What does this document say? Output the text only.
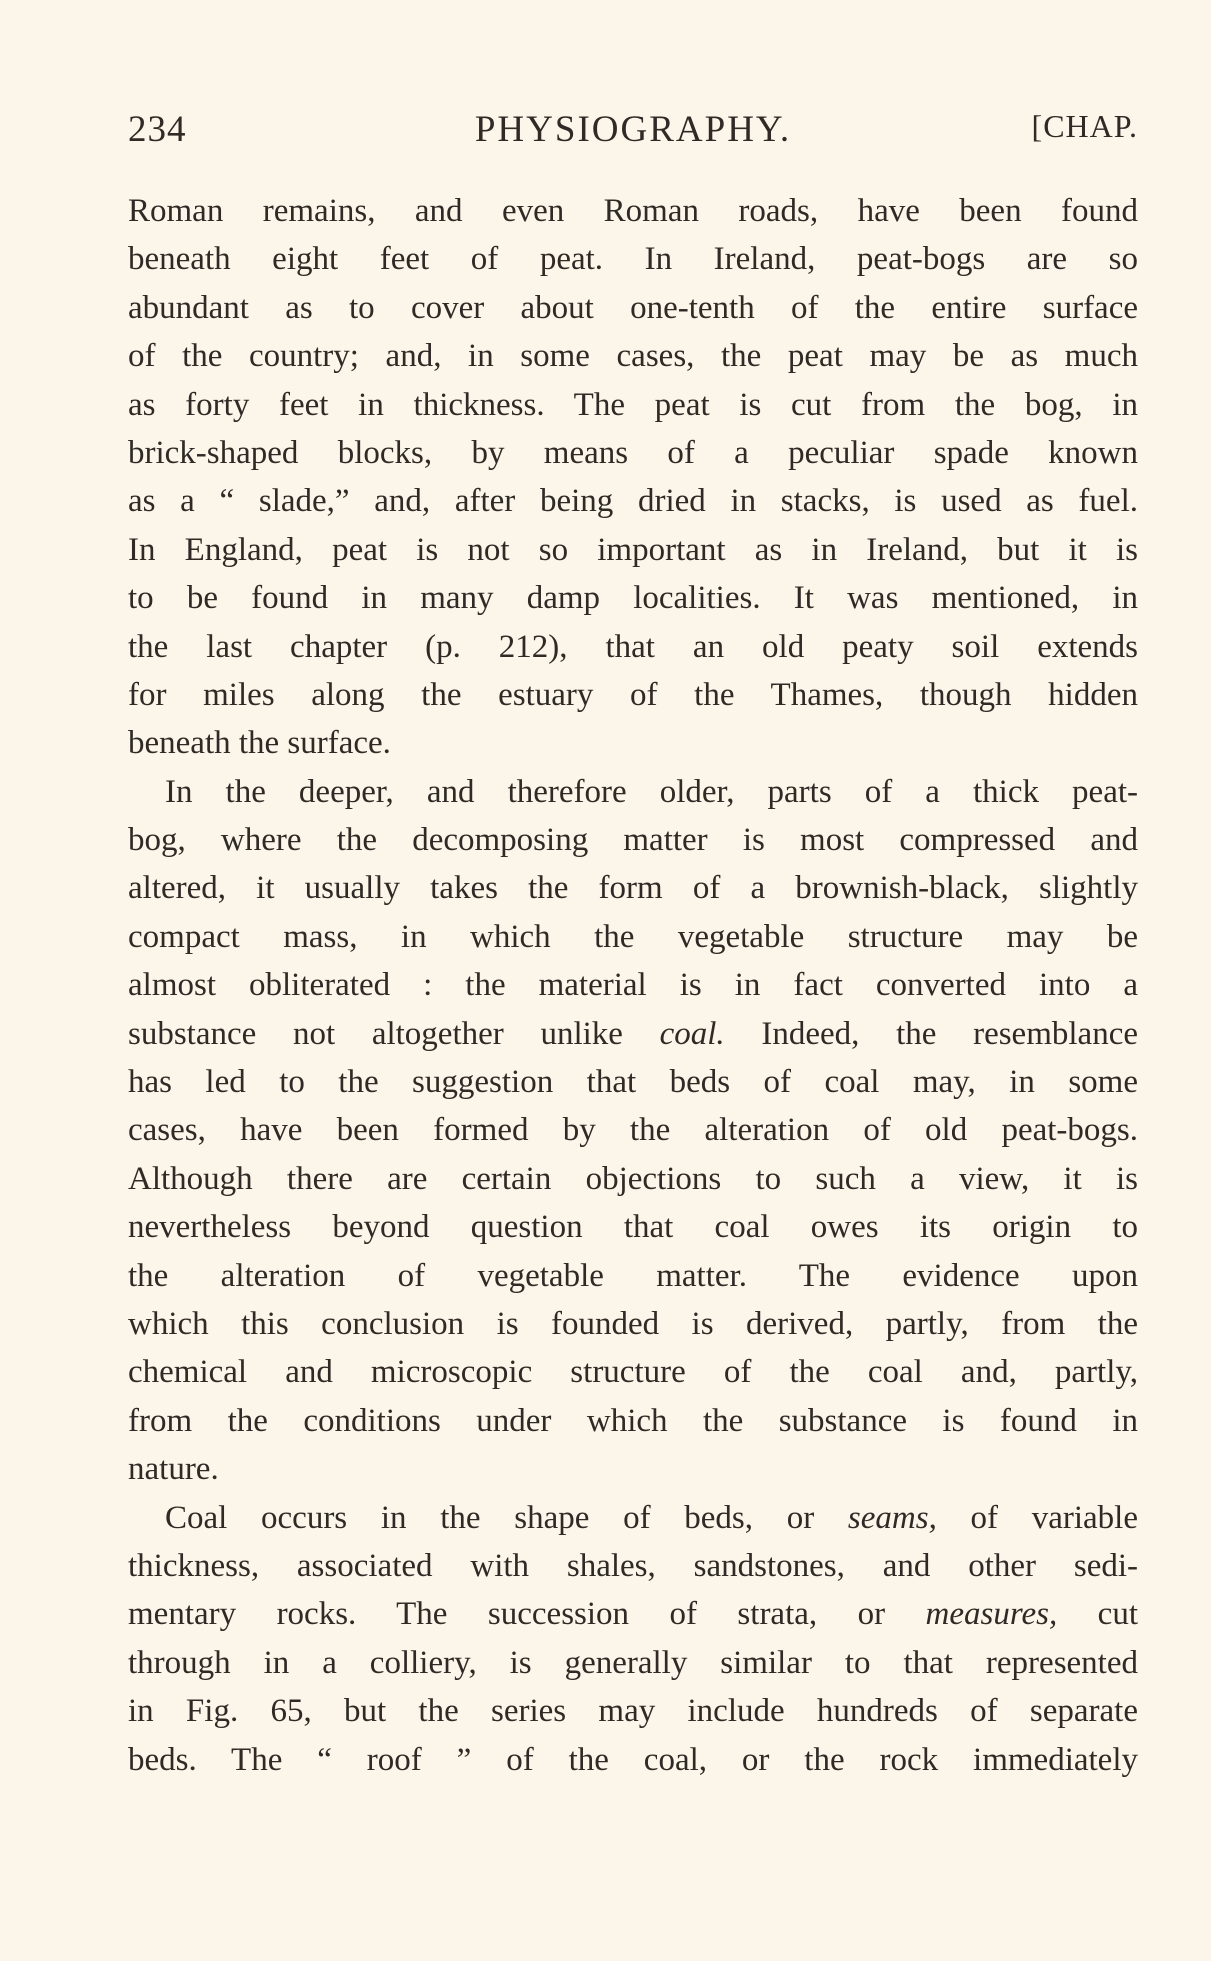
234	PHYSIOGRAPHY.	[CHAP.
Roman remains, and even Roman roads, have been found
beneath eight feet of peat. In Ireland, peat-bogs are so
abundant as to cover about one-tenth of the entire surface
of the country; and, in some cases, the peat may be as much
as forty feet in thickness. The peat is cut from the bog, in
brick-shaped blocks, by means of a peculiar spade known
as a “ slade,” and, after being dried in stacks, is used as fuel.
In England, peat is not so important as in Ireland, but it is
to be found in many damp localities. It was mentioned, in
the last chapter (p. 212), that an old peaty soil extends
for miles along the estuary of the Thames, though hidden
beneath the surface.
In the deeper, and therefore older, parts of a thick peat-
bog, where the decomposing matter is most compressed and
altered, it usually takes the form of a brownish-black, slightly
compact mass, in which the vegetable structure may be
almost obliterated : the material is in fact converted into a
substance not altogether unlike coal. Indeed, the resemblance
has led to the suggestion that beds of coal may, in some
cases, have been formed by the alteration of old peat-bogs.
Although there are certain objections to such a view, it is
nevertheless beyond question that coal owes its origin to
the alteration of vegetable matter. The evidence upon
which this conclusion is founded is derived, partly, from the
chemical and microscopic structure of the coal and, partly,
from the conditions under which the substance is found in
nature.
Coal occurs in the shape of beds, or seams, of variable
thickness, associated with shales, sandstones, and other sedi-
mentary rocks. The succession of strata, or measures, cut
through in a colliery, is generally similar to that represented
in Fig. 65, but the series may include hundreds of separate
beds. The “ roof ” of the coal, or the rock immediately
